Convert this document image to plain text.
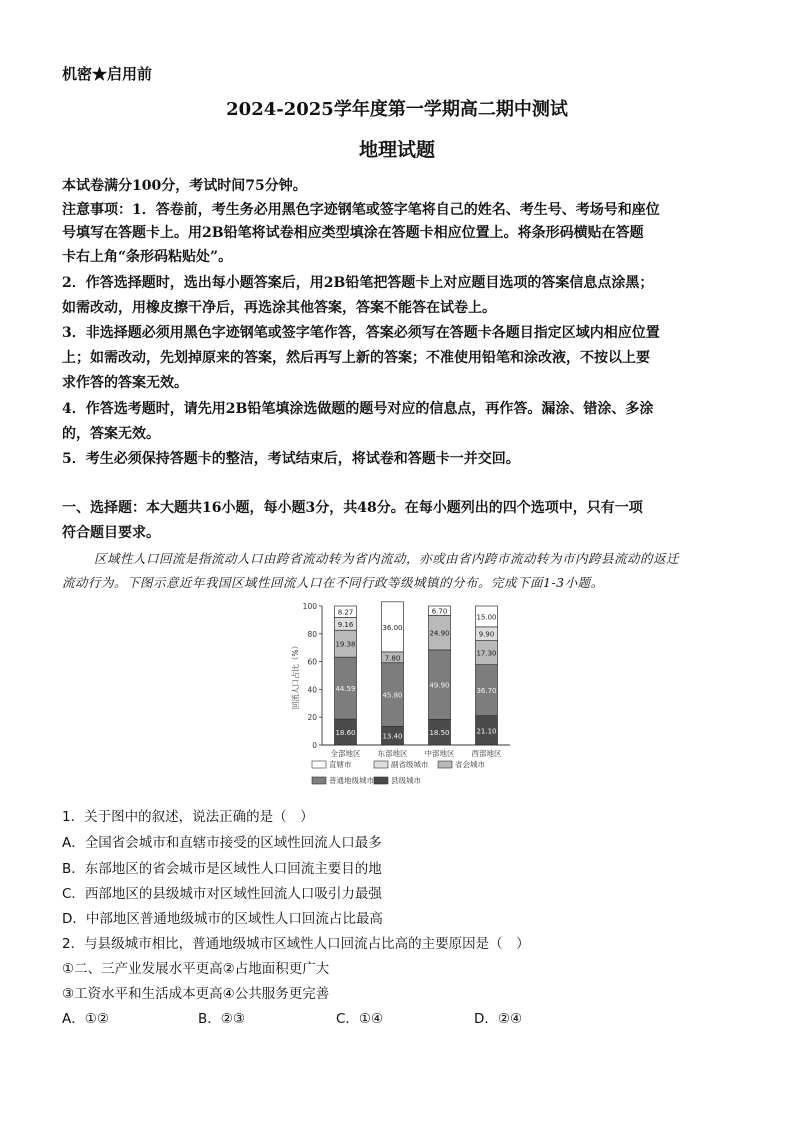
机密★启用前
2024-2025学年度第一学期高二期中测试
地理试题
本试卷满分100分，考试时间75分钟。
注意事项：1．答卷前，考生务必用黑色字迹钢笔或签字笔将自己的姓名、考生号、考场号和座位
号填写在答题卡上。用2B铅笔将试卷相应类型填涂在答题卡相应位置上。将条形码横贴在答题
卡右上角“条形码粘贴处”。
2．作答选择题时，选出每小题答案后，用2B铅笔把答题卡上对应题目选项的答案信息点涂黑；
如需改动，用橡皮擦干净后，再选涂其他答案，答案不能答在试卷上。
3．非选择题必须用黑色字迹钢笔或签字笔作答，答案必须写在答题卡各题目指定区域内相应位置
上；如需改动，先划掉原来的答案，然后再写上新的答案；不准使用铅笔和涂改液，不按以上要
求作答的答案无效。
4．作答选考题时，请先用2B铅笔填涂选做题的题号对应的信息点，再作答。漏涂、错涂、多涂
的，答案无效。
5．考生必须保持答题卡的整洁，考试结束后，将试卷和答题卡一并交回。
一、选择题：本大题共16小题，每小题3分，共48分。在每小题列出的四个选项中，只有一项
符合题目要求。
区域性人口回流是指流动人口由跨省流动转为省内流动，亦或由省内跨市流动转为市内跨县流动的返迁
流动行为。下图示意近年我国区域性回流人口在不同行政等级城镇的分布。完成下面1-3小题。
18.60
44.59
19.38
9.16
8.27
13.40
45.80
7.80
36.00
18.50
49.90
24.90
6.70
21.10
36.70
17.30
9.90
15.00
0
20
40
60
80
100
回流人口占比（%）
全部地区 东部地区 中部地区 西部地区
直辖市	副省级城市	省会城市
普通地级城市 县级城市
1．关于图中的叙述，说法正确的是（　）
A．全国省会城市和直辖市接受的区域性回流人口最多
B．东部地区的省会城市是区域性人口回流主要目的地
C．西部地区的县级城市对区域性回流人口吸引力最强
D．中部地区普通地级城市的区域性人口回流占比最高
2．与县级城市相比，普通地级城市区域性人口回流占比高的主要原因是（　）
①二、三产业发展水平更高②占地面积更广大
③工资水平和生活成本更高④公共服务更完善
A．①②	B．②③	C．①④	D．②④
